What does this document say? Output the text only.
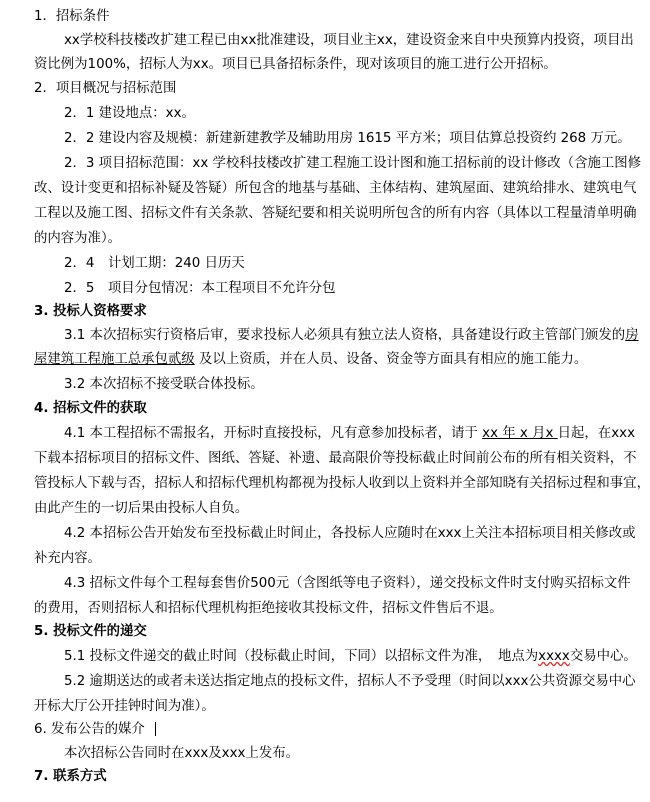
1．招标条件
xx学校科技楼改扩建工程已由xx批准建设，项目业主xx，建设资金来自中央预算内投资，项目出
资比例为100%，招标人为xx。项目已具备招标条件，现对该项目的施工进行公开招标。
2．项目概况与招标范围
2．1 建设地点：xx。
2．2 建设内容及规模：新建新建教学及辅助用房 1615 平方米；项目估算总投资约 268 万元。
2．3 项目招标范围：xx 学校科技楼改扩建工程施工设计图和施工招标前的设计修改（含施工图修
改、设计变更和招标补疑及答疑）所包含的地基与基础、主体结构、建筑屋面、建筑给排水、建筑电气
工程以及施工图、招标文件有关条款、答疑纪要和相关说明所包含的所有内容（具体以工程量清单明确
的内容为准）。
2．4　计划工期：240 日历天
2．5　项目分包情况：本工程项目不允许分包
3. 投标人资格要求
3.1 本次招标实行资格后审，要求投标人必须具有独立法人资格，具备建设行政主管部门颁发的房
屋建筑工程施工总承包贰级 及以上资质，并在人员、设备、资金等方面具有相应的施工能力。
3.2 本次招标不接受联合体投标。
4. 招标文件的获取
4.1 本工程招标不需报名，开标时直接投标，凡有意参加投标者，请于 xx 年 x 月x 日起，在xxx
下载本招标项目的招标文件、图纸、答疑、补遗、最高限价等投标截止时间前公布的所有相关资料，不
管投标人下载与否，招标人和招标代理机构都视为投标人收到以上资料并全部知晓有关招标过程和事宜，
由此产生的一切后果由投标人自负。
4.2 本招标公告开始发布至投标截止时间止，各投标人应随时在xxx上关注本招标项目相关修改或
补充内容。
4.3 招标文件每个工程每套售价500元（含图纸等电子资料），递交投标文件时支付购买招标文件
的费用，否则招标人和招标代理机构拒绝接收其投标文件，招标文件售后不退。
5. 投标文件的递交
5.1 投标文件递交的截止时间（投标截止时间，下同）以招标文件为准，　地点为xxxx交易中心。
5.2 逾期送达的或者未送达指定地点的投标文件，招标人不予受理（时间以xxx公共资源交易中心
开标大厅公开挂钟时间为准）。
6. 发布公告的媒介
本次招标公告同时在xxx及xxx上发布。
7. 联系方式
